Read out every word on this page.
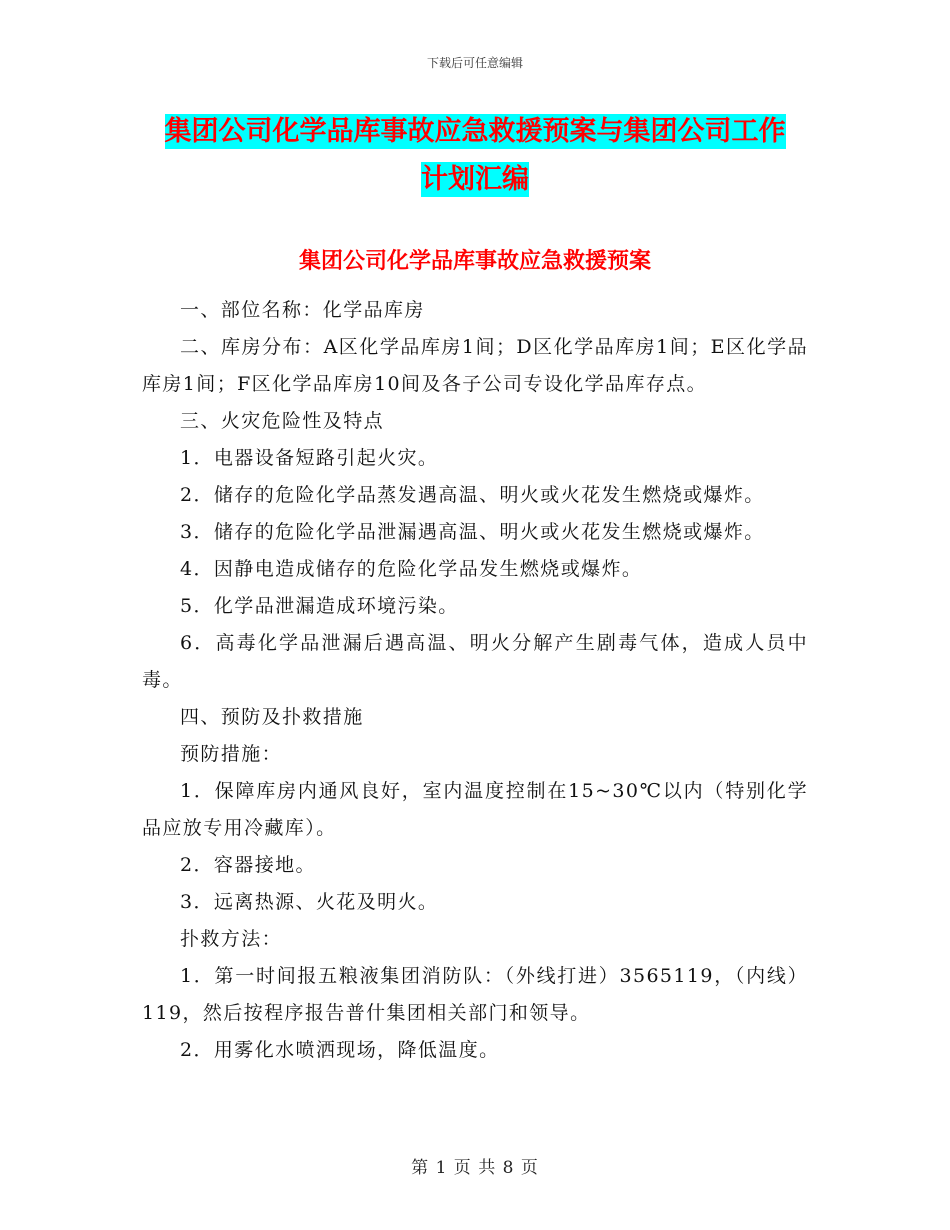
下载后可任意编辑
集团公司化学品库事故应急救援预案与集团公司工作
计划汇编
集团公司化学品库事故应急救援预案

一、部位名称：化学品库房

二、库房分布：A区化学品库房1间；D区化学品库房1间；E区化学品库房1间；F区化学品库房10间及各子公司专设化学品库存点。

三、火灾危险性及特点

1．电器设备短路引起火灾。

2．储存的危险化学品蒸发遇高温、明火或火花发生燃烧或爆炸。

3．储存的危险化学品泄漏遇高温、明火或火花发生燃烧或爆炸。

4．因静电造成储存的危险化学品发生燃烧或爆炸。

5．化学品泄漏造成环境污染。

6．高毒化学品泄漏后遇高温、明火分解产生剧毒气体，造成人员中毒。

四、预防及扑救措施

预防措施：

1．保障库房内通风良好，室内温度控制在15~30℃以内（特别化学品应放专用冷藏库）。

2．容器接地。

3．远离热源、火花及明火。

扑救方法：

1．第一时间报五粮液集团消防队：（外线打进）3565119，（内线）119，然后按程序报告普什集团相关部门和领导。

2．用雾化水喷洒现场，降低温度。

第 1 页 共 8 页
